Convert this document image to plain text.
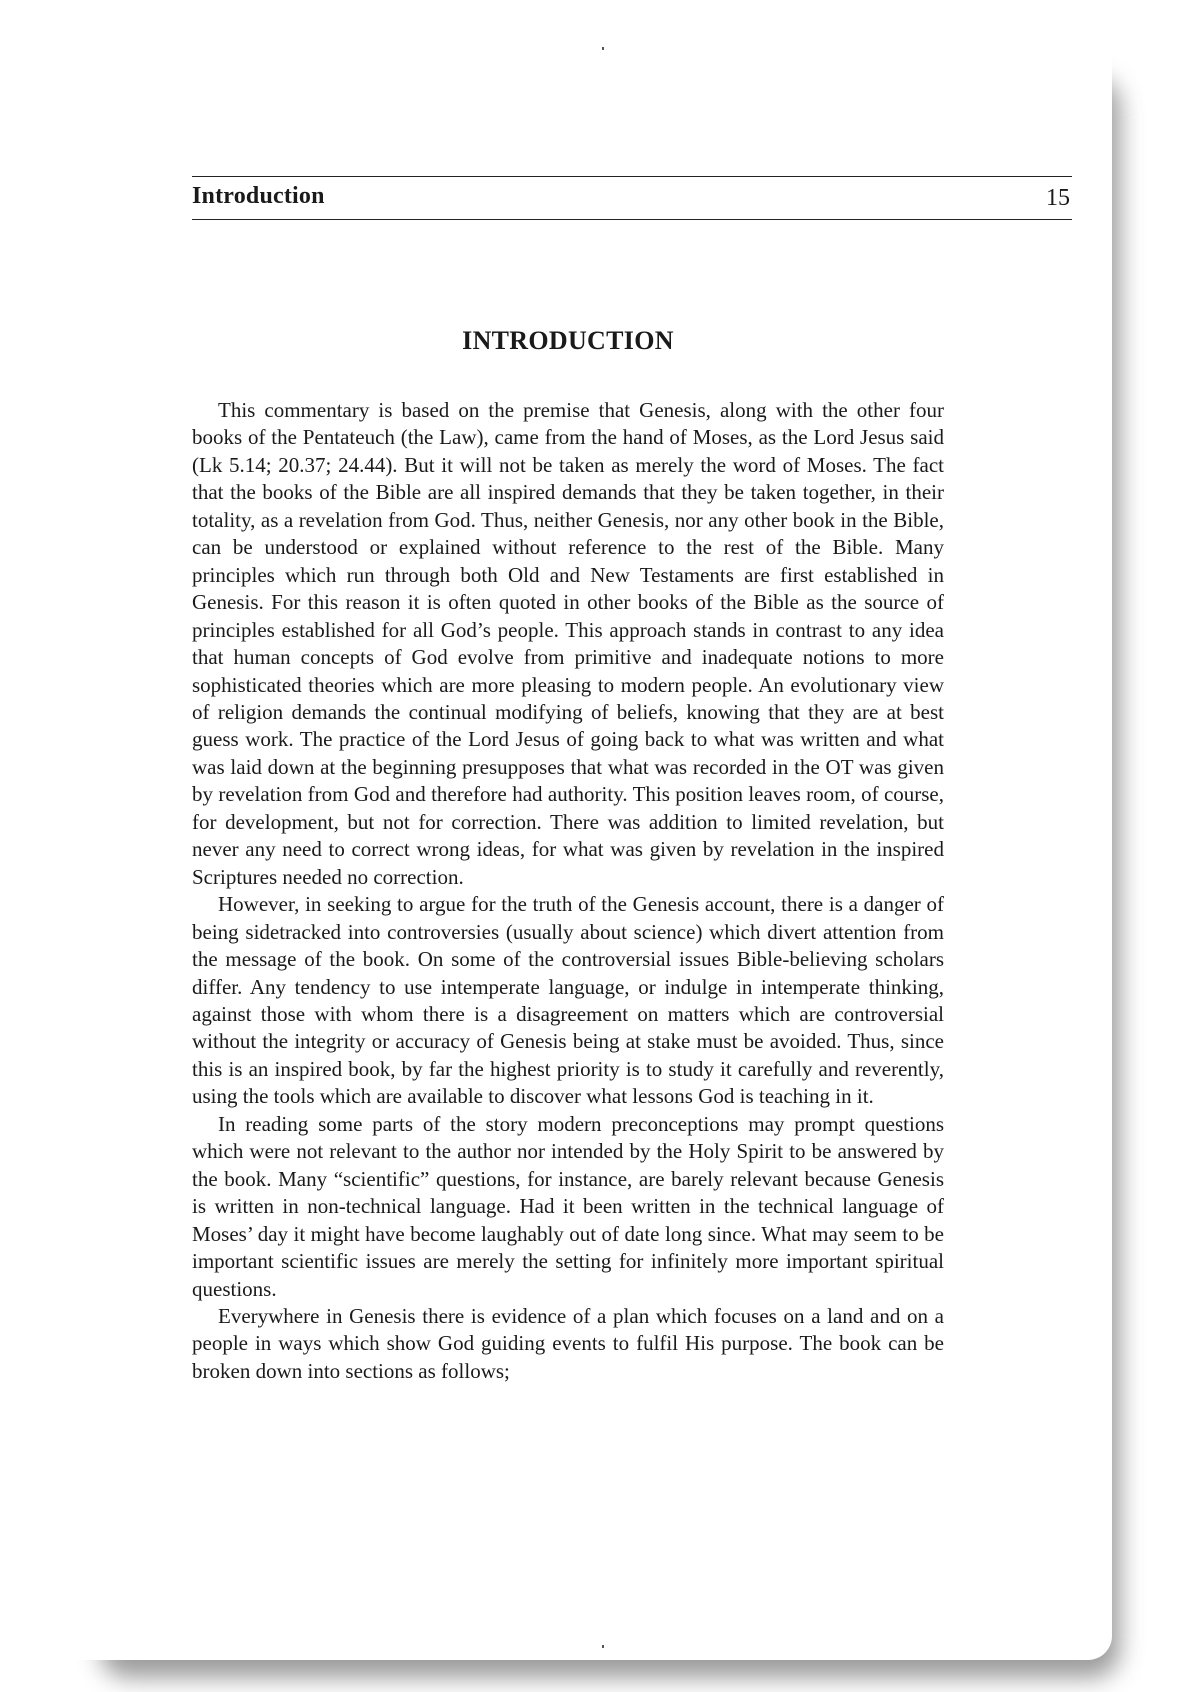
Introduction	15
INTRODUCTION

This commentary is based on the premise that Genesis, along with the other four books of the Pentateuch (the Law), came from the hand of Moses, as the Lord Jesus said (Lk 5.14; 20.37; 24.44). But it will not be taken as merely the word of Moses. The fact that the books of the Bible are all inspired demands that they be taken together, in their totality, as a revelation from God. Thus, neither Genesis, nor any other book in the Bible, can be understood or explained without reference to the rest of the Bible. Many principles which run through both Old and New Testaments are first established in Genesis. For this reason it is often quoted in other books of the Bible as the source of principles established for all God’s people. This approach stands in contrast to any idea that human concepts of God evolve from primitive and inadequate notions to more sophisticated theories which are more pleasing to modern people. An evolutionary view of religion demands the continual modifying of beliefs, knowing that they are at best guess work. The practice of the Lord Jesus of going back to what was written and what was laid down at the beginning presupposes that what was recorded in the OT was given by revelation from God and therefore had authority. This position leaves room, of course, for development, but not for correction. There was addition to limited revelation, but never any need to correct wrong ideas, for what was given by revelation in the inspired Scriptures needed no correction.

However, in seeking to argue for the truth of the Genesis account, there is a danger of being sidetracked into controversies (usually about science) which divert attention from the message of the book. On some of the controversial issues Bible-believing scholars differ. Any tendency to use intemperate language, or indulge in intemperate thinking, against those with whom there is a disagreement on matters which are controversial without the integrity or accuracy of Genesis being at stake must be avoided. Thus, since this is an inspired book, by far the highest priority is to study it carefully and reverently, using the tools which are available to discover what lessons God is teaching in it.

In reading some parts of the story modern preconceptions may prompt questions which were not relevant to the author nor intended by the Holy Spirit to be answered by the book. Many “scientific” questions, for instance, are barely relevant because Genesis is written in non-technical language. Had it been written in the technical language of Moses’ day it might have become laughably out of date long since. What may seem to be important scientific issues are merely the setting for infinitely more important spiritual questions.

Everywhere in Genesis there is evidence of a plan which focuses on a land and on a people in ways which show God guiding events to fulfil His purpose. The book can be broken down into sections as follows;
